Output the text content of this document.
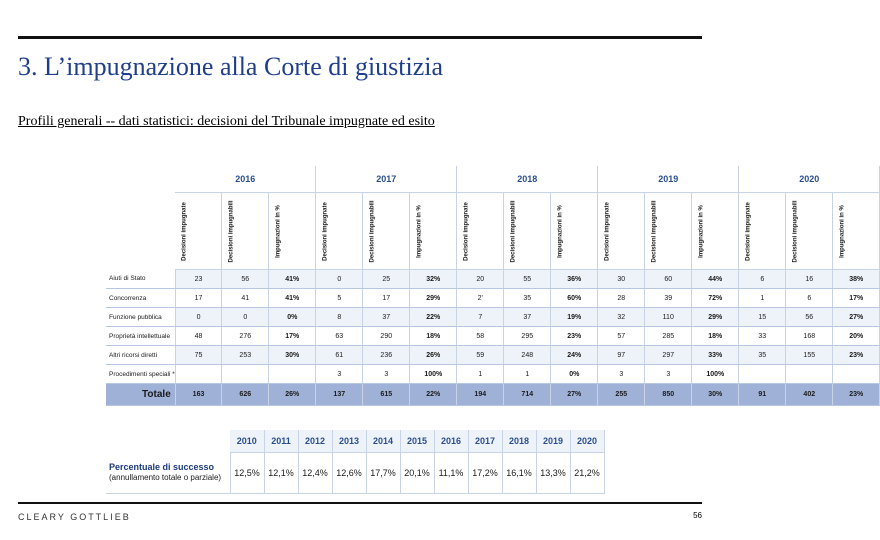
3. L’impugnazione alla Corte di giustizia
Profili generali -- dati statistici: decisioni del Tribunale impugnate ed esito
	2016			2017			2018			2019			2020		

	Decisioni impugnate	Decisioni impugnabili	Impugnazioni in %	Decisioni impugnate	Decisioni impugnabili	Impugnazioni in %	Decisioni impugnate	Decisioni impugnabili	Impugnazioni in %	Decisioni impugnate	Decisioni impugnabili	Impugnazioni in %	Decisioni impugnate	Decisioni impugnabili	Impugnazioni in %

Aiuti di Stato	23	56	41%	0	25	32%	20	55	36%	30	60	44%	6	16	38%
Concorrenza	17	41	41%	5	17	29%	2'	35	60%	28	39	72%	1	6	17%
Funzione pubblica	0	0	0%	8	37	22%	7	37	19%	32	110	29%	15	56	27%
Proprietà intellettuale	48	276	17%	63	290	18%	58	295	23%	57	285	18%	33	168	20%
Altri ricorsi diretti	75	253	30%	61	236	26%	59	248	24%	97	297	33%	35	155	23%
Procedimenti speciali *				3	3	100%	1	1	0%	3	3	100%			
Totale	163	626	26%	137	615	22%	194	714	27%	255	850	30%	91	402	23%
	2010	2011	2012	2013	2014	2015	2016	2017	2018	2019	2020
Percentuale di successo (annullamento totale o parziale)	12,5%	12,1%	12,4%	12,6%	17,7%	20,1%	11,1%	17,2%	16,1%	13,3%	21,2%
CLEARY GOTTLIEB	56
